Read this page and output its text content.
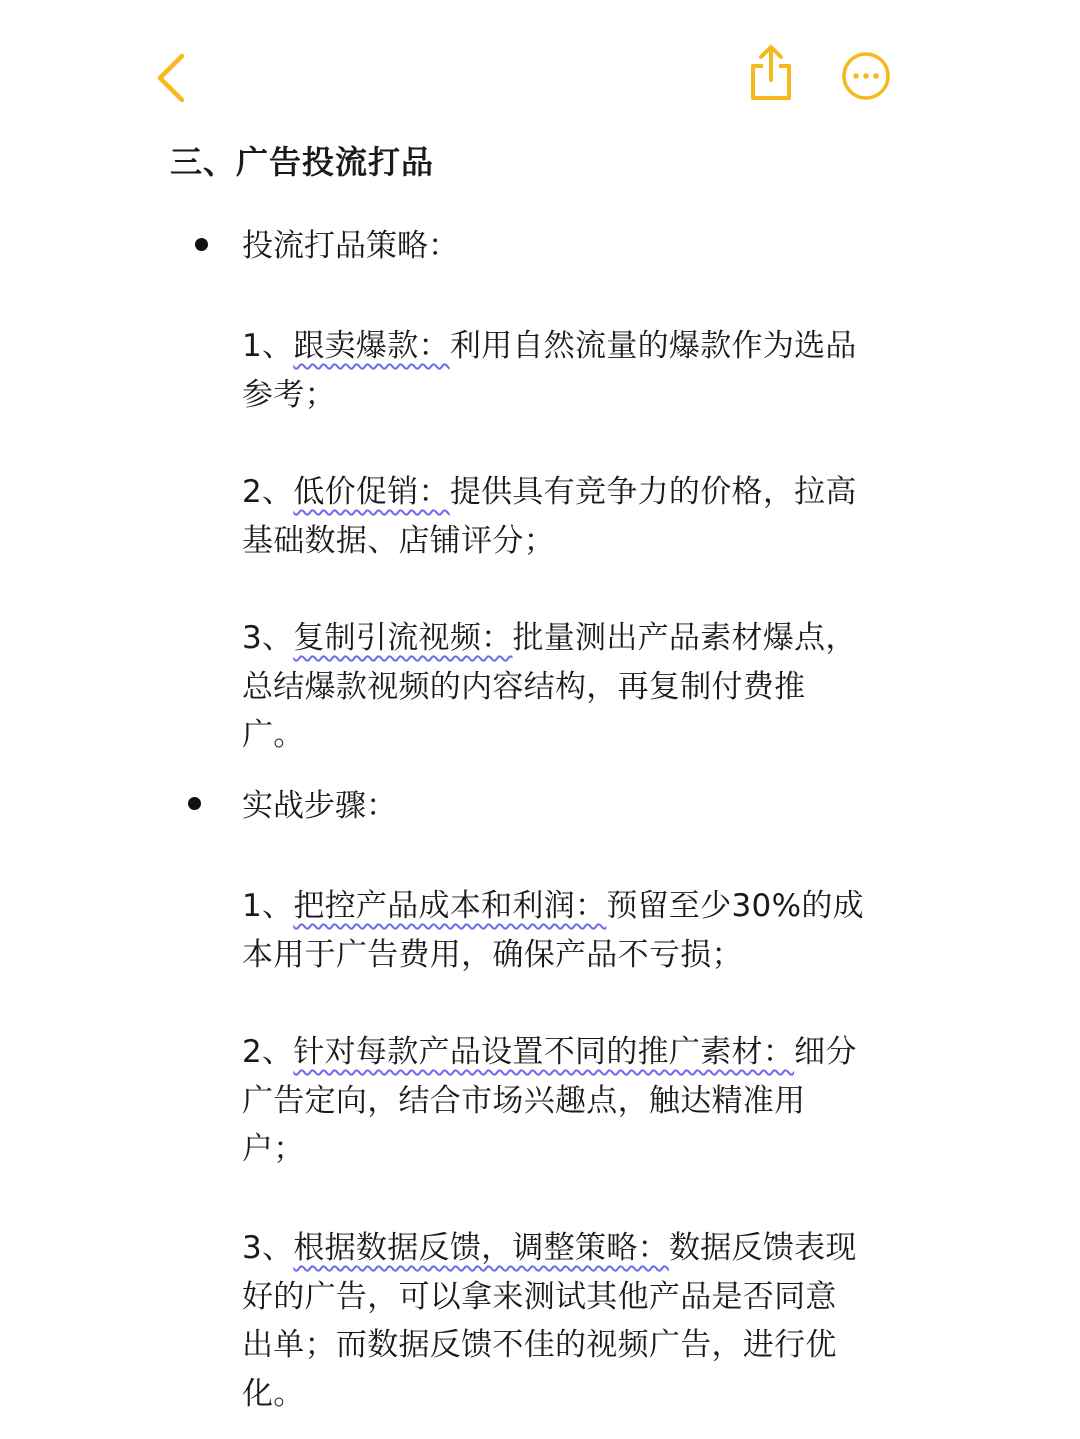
三、广告投流打品
投流打品策略：
1、跟卖爆款：利用自然流量的爆款作为选品参考；
2、低价促销：提供具有竞争力的价格，拉高基础数据、店铺评分；
3、复制引流视频：批量测出产品素材爆点，总结爆款视频的内容结构，再复制付费推广。
实战步骤：
1、把控产品成本和利润：预留至少30%的成本用于广告费用，确保产品不亏损；
2、针对每款产品设置不同的推广素材：细分广告定向，结合市场兴趣点，触达精准用户；
3、根据数据反馈，调整策略：数据反馈表现好的广告，可以拿来测试其他产品是否同意出单；而数据反馈不佳的视频广告，进行优化。
